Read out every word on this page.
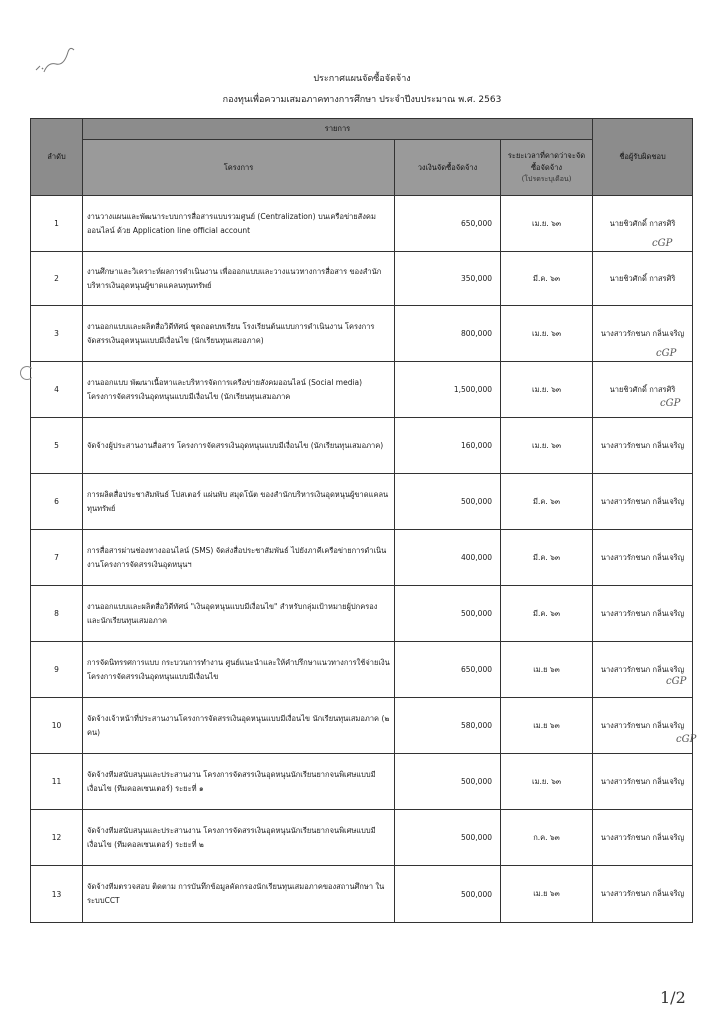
ประกาศแผนจัดซื้อจัดจ้าง
กองทุนเพื่อความเสมอภาคทางการศึกษา ประจำปีงบประมาณ พ.ศ. 2563
ลำดับ	รายการ			ชื่อผู้รับผิดชอบ
	โครงการ	วงเงินจัดซื้อจัดจ้าง	ระยะเวลาที่คาดว่าจะจัดซื้อจัดจ้าง
(โปรดระบุเดือน)	

1	งานวางแผนและพัฒนาระบบการสื่อสารแบบรวมศูนย์ (Centralization) บนเครือข่ายสังคมออนไลน์ ด้วย Application line official account	650,000	เม.ย. ๖๓	นายชิวศักดิ์ กาสรศิริ
2	งานศึกษาและวิเคราะห์ผลการดำเนินงาน เพื่อออกแบบและวางแนวทางการสื่อสาร ของสำนักบริหารเงินอุดหนุนผู้ขาดแคลนทุนทรัพย์	350,000	มี.ค. ๖๓	นายชิวศักดิ์ กาสรศิริ
3	งานออกแบบและผลิตสื่อวิดีทัศน์ ชุดถอดบทเรียน โรงเรียนต้นแบบการดำเนินงาน โครงการจัดสรรเงินอุดหนุนแบบมีเงื่อนไข (นักเรียนทุนเสมอภาค)	800,000	เม.ย. ๖๓	นางสาวรักชนก กลิ่นเจริญ
4	งานออกแบบ พัฒนาเนื้อหาและบริหารจัดการเครือข่ายสังคมออนไลน์ (Social media) โครงการจัดสรรเงินอุดหนุนแบบมีเงื่อนไข (นักเรียนทุนเสมอภาค	1,500,000	เม.ย. ๖๓	นายชิวศักดิ์ กาสรศิริ
5	จัดจ้างผู้ประสานงานสื่อสาร โครงการจัดสรรเงินอุดหนุนแบบมีเงื่อนไข (นักเรียนทุนเสมอภาค)	160,000	เม.ย. ๖๓	นางสาวรักชนก กลิ่นเจริญ
6	การผลิตสื่อประชาสัมพันธ์ โปสเตอร์ แผ่นพับ สมุดโน้ต ของสำนักบริหารเงินอุดหนุนผู้ขาดแคลนทุนทรัพย์	500,000	มี.ค. ๖๓	นางสาวรักชนก กลิ่นเจริญ
7	การสื่อสารผ่านช่องทางออนไลน์ (SMS) จัดส่งสื่อประชาสัมพันธ์ ไปยังภาคีเครือข่ายการดำเนินงานโครงการจัดสรรเงินอุดหนุนฯ	400,000	มี.ค. ๖๓	นางสาวรักชนก กลิ่นเจริญ
8	งานออกแบบและผลิตสื่อวิดีทัศน์ "เงินอุดหนุนแบบมีเงื่อนไข" สำหรับกลุ่มเป้าหมายผู้ปกครอง และนักเรียนทุนเสมอภาค	500,000	มี.ค. ๖๓	นางสาวรักชนก กลิ่นเจริญ
9	การจัดนิทรรศการแบบ กระบวนการทำงาน ศูนย์แนะนำและให้คำปรึกษาแนวทางการใช้จ่ายเงิน โครงการจัดสรรเงินอุดหนุนแบบมีเงื่อนไข	650,000	เม.ย ๖๓	นางสาวรักชนก กลิ่นเจริญ
10	จัดจ้างเจ้าหน้าที่ประสานงานโครงการจัดสรรเงินอุดหนุนแบบมีเงื่อนไข นักเรียนทุนเสมอภาค (๒ คน)	580,000	เม.ย ๖๓	นางสาวรักชนก กลิ่นเจริญ
11	จัดจ้างทีมสนับสนุนและประสานงาน โครงการจัดสรรเงินอุดหนุนนักเรียนยากจนพิเศษแบบมีเงื่อนไข (ทีมคอลเซนเตอร์) ระยะที่ ๑	500,000	เม.ย. ๖๓	นางสาวรักชนก กลิ่นเจริญ
12	จัดจ้างทีมสนับสนุนและประสานงาน โครงการจัดสรรเงินอุดหนุนนักเรียนยากจนพิเศษแบบมีเงื่อนไข (ทีมคอลเซนเตอร์) ระยะที่ ๒	500,000	ก.ค. ๖๓	นางสาวรักชนก กลิ่นเจริญ
13	จัดจ้างทีมตรวจสอบ ติดตาม การบันทึกข้อมูลคัดกรองนักเรียนทุนเสมอภาคของสถานศึกษา ในระบบCCT	500,000	เม.ย ๖๓	นางสาวรักชนก กลิ่นเจริญ
cGP
cGP
cGP
cGP
cGP
1/2
